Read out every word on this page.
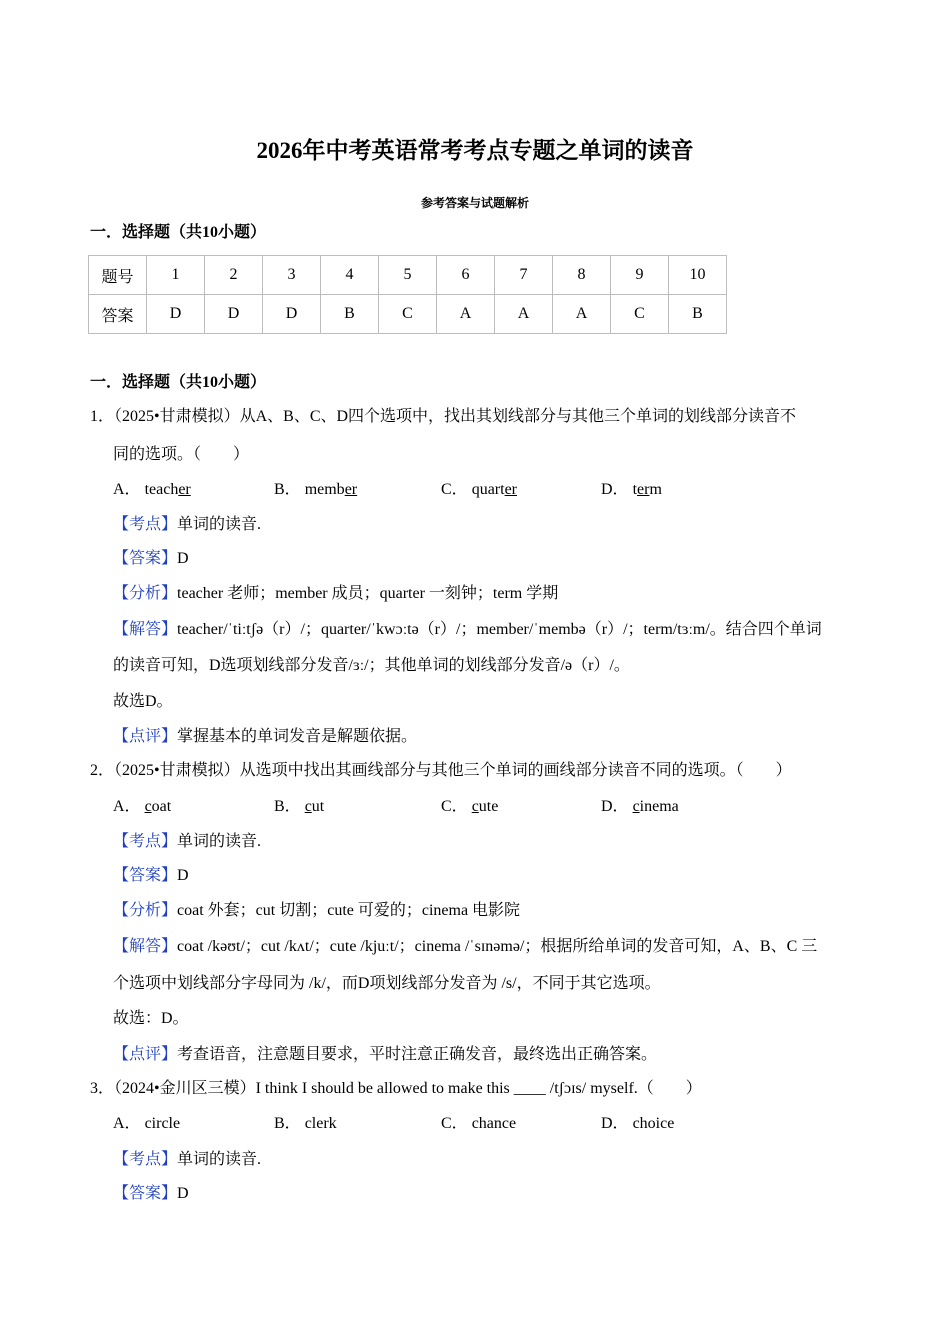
2026年中考英语常考考点专题之单词的读音
参考答案与试题解析
一．选择题（共10小题）
题号	1	2	3	4	5	6	7	8	9	10
答案	D	D	D	B	C	A	A	A	C	B
一．选择题（共10小题）
1．（2025•甘肃模拟）从A、B、C、D四个选项中，找出其划线部分与其他三个单词的划线部分读音不
同的选项。（　　）
【考点】单词的读音.
【答案】D
【分析】teacher 老师；member 成员；quarter 一刻钟；term 学期
【解答】teacher/ˈtiːtʃə（r）/；quarter/ˈkwɔːtə（r）/；member/ˈmembə（r）/；term/tɜːm/。结合四个单词
的读音可知，D选项划线部分发音/ɜː/；其他单词的划线部分发音/ə（r）/。
故选D。
【点评】掌握基本的单词发音是解题依据。
2．（2025•甘肃模拟）从选项中找出其画线部分与其他三个单词的画线部分读音不同的选项。（　　）
【考点】单词的读音.
【答案】D
【分析】coat 外套；cut 切割；cute 可爱的；cinema 电影院
【解答】coat /kəʊt/；cut /kʌt/；cute /kjuːt/；cinema /ˈsɪnəmə/；根据所给单词的发音可知，A、B、C 三
个选项中划线部分字母同为 /k/，而D项划线部分发音为 /s/，不同于其它选项。
故选：D。
【点评】考查语音，注意题目要求，平时注意正确发音，最终选出正确答案。
3．（2024•金川区三模）I think I should be allowed to make this ____ /tʃɔɪs/ myself.（　　）
【考点】单词的读音.
【答案】D
A． teacher	B． member	C． quarter	D． term
A． coat	B． cut	C． cute	D． cinema
A． circle	B． clerk	C． chance	D． choice
